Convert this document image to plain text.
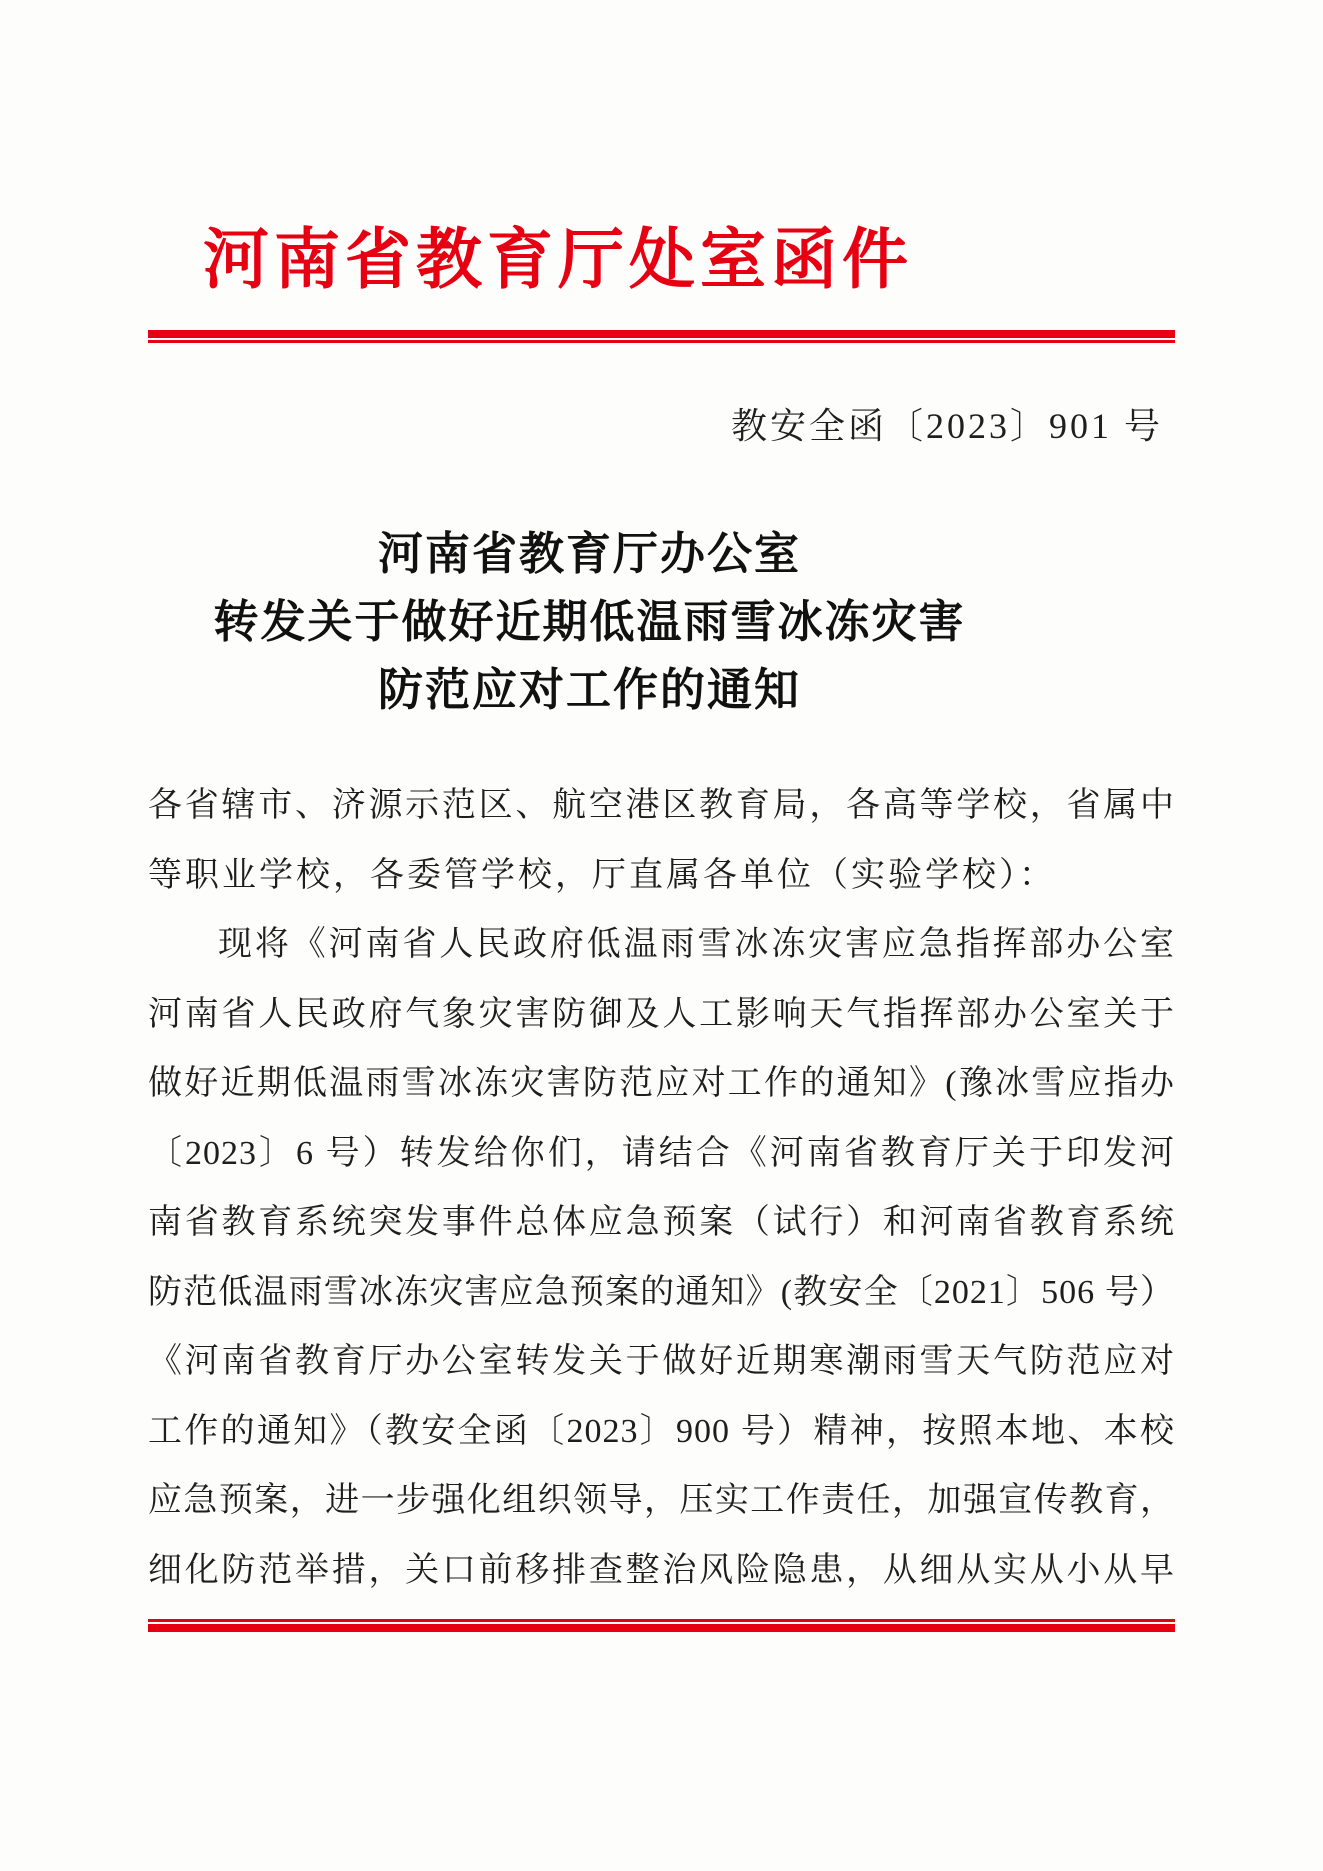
河南省教育厅处室函件
教安全函〔2023〕901 号
河南省教育厅办公室
转发关于做好近期低温雨雪冰冻灾害
防范应对工作的通知
各省辖市、济源示范区、航空港区教育局，各高等学校，省属中
等职业学校，各委管学校，厅直属各单位（实验学校）：
现将《河南省人民政府低温雨雪冰冻灾害应急指挥部办公室
河南省人民政府气象灾害防御及人工影响天气指挥部办公室关于
做好近期低温雨雪冰冻灾害防范应对工作的通知》(豫冰雪应指办
〔2023〕6 号）转发给你们，请结合《河南省教育厅关于印发河
南省教育系统突发事件总体应急预案（试行）和河南省教育系统
防范低温雨雪冰冻灾害应急预案的通知》(教安全〔2021〕506 号）
《河南省教育厅办公室转发关于做好近期寒潮雨雪天气防范应对
工作的通知》（教安全函〔2023〕900 号）精神，按照本地、本校
应急预案，进一步强化组织领导，压实工作责任，加强宣传教育，
细化防范举措，关口前移排查整治风险隐患，从细从实从小从早
